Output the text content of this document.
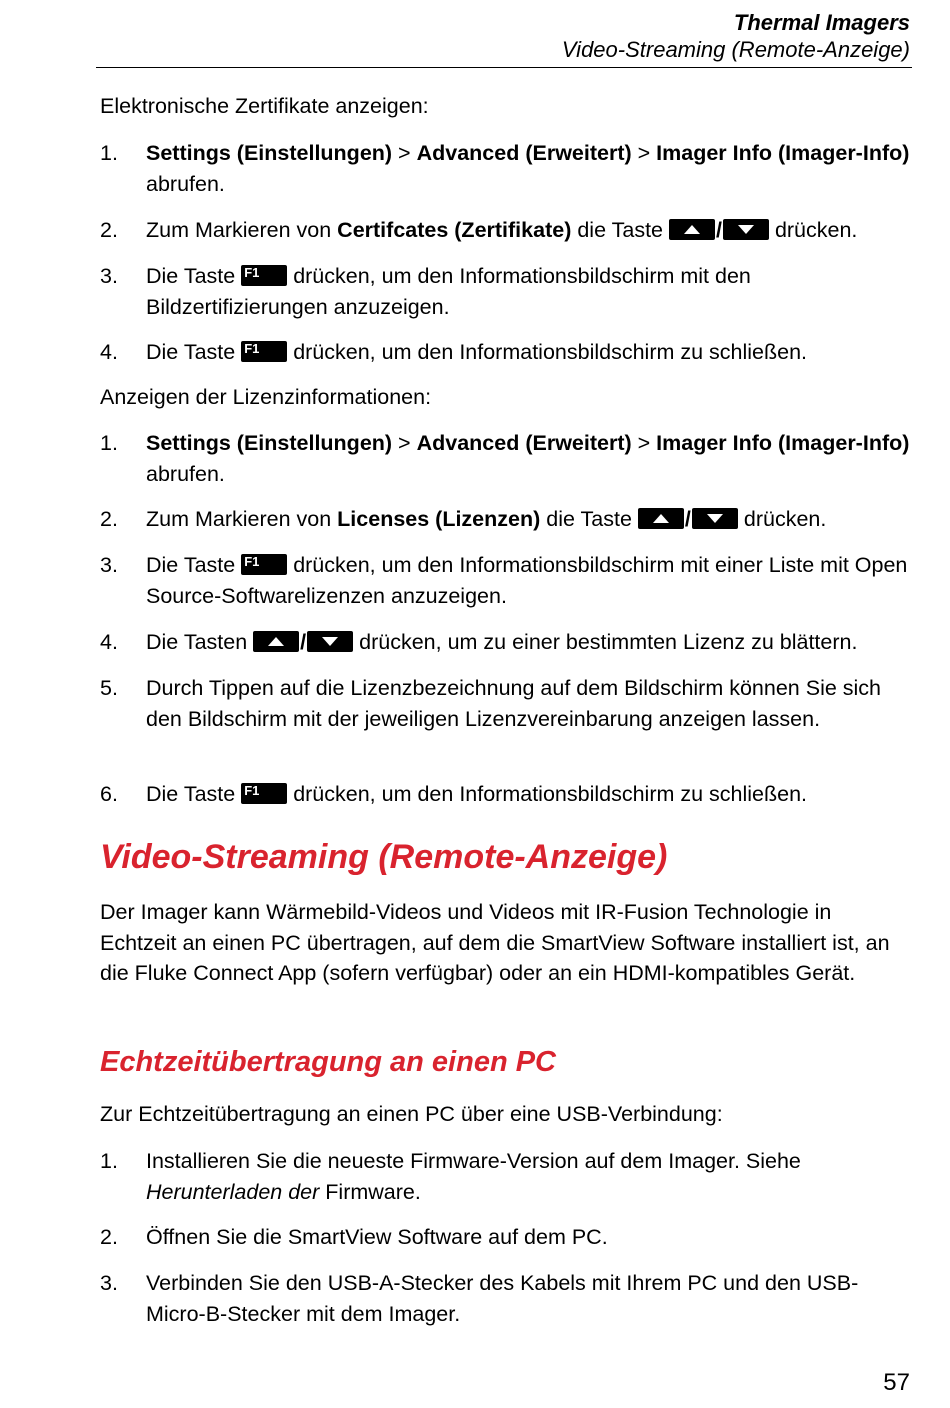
Thermal Imagers
Video-Streaming (Remote-Anzeige)

Elektronische Zertifikate anzeigen:

1. Settings (Einstellungen) > Advanced (Erweitert) > Imager Info (Imager-Info) abrufen.
2. Zum Markieren von Certifcates (Zertifikate) die Taste / drücken.
3. Die Taste F1 drücken, um den Informationsbildschirm mit den Bildzertifizierungen anzuzeigen.
4. Die Taste F1 drücken, um den Informationsbildschirm zu schließen.

Anzeigen der Lizenzinformationen:

1. Settings (Einstellungen) > Advanced (Erweitert) > Imager Info (Imager-Info) abrufen.
2. Zum Markieren von Licenses (Lizenzen) die Taste / drücken.
3. Die Taste F1 drücken, um den Informationsbildschirm mit einer Liste mit Open Source-Softwarelizenzen anzuzeigen.
4. Die Tasten / drücken, um zu einer bestimmten Lizenz zu blättern.
5. Durch Tippen auf die Lizenzbezeichnung auf dem Bildschirm können Sie sich den Bildschirm mit der jeweiligen Lizenzvereinbarung anzeigen lassen.
6. Die Taste F1 drücken, um den Informationsbildschirm zu schließen.
Video-Streaming (Remote-Anzeige)

Der Imager kann Wärmebild-Videos und Videos mit IR-Fusion Technologie in Echtzeit an einen PC übertragen, auf dem die SmartView Software installiert ist, an die Fluke Connect App (sofern verfügbar) oder an ein HDMI-kompatibles Gerät.

Echtzeitübertragung an einen PC

Zur Echtzeitübertragung an einen PC über eine USB-Verbindung:

1. Installieren Sie die neueste Firmware-Version auf dem Imager. Siehe Herunterladen der Firmware.
2. Öffnen Sie die SmartView Software auf dem PC.
3. Verbinden Sie den USB-A-Stecker des Kabels mit Ihrem PC und den USB-Micro-B-Stecker mit dem Imager.
57
